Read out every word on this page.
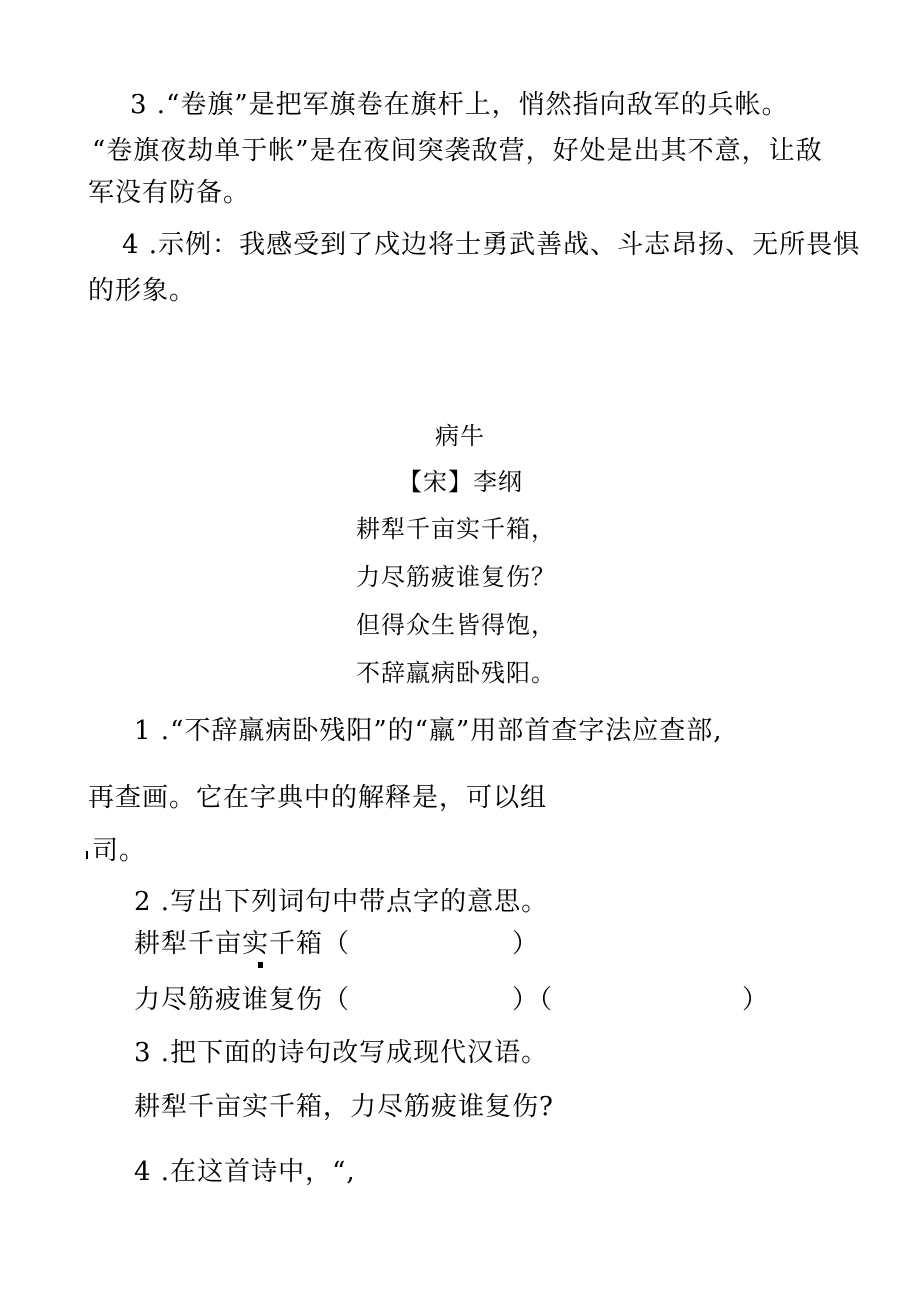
3 .“卷旗”是把军旗卷在旗杆上，悄然指向敌军的兵帐。
“卷旗夜劫单于帐”是在夜间突袭敌营，好处是出其不意，让敌
军没有防备。
4 .示例：我感受到了戍边将士勇武善战、斗志昂扬、无所畏惧
的形象。
病牛
【宋】李纲
耕犁千亩实千箱，
力尽筋疲谁复伤？
但得众生皆得饱，
不辞羸病卧残阳。
1 .“不辞羸病卧残阳”的“羸”用部首查字法应查部,
再查画。它在字典中的解释是，可以组
司。
2 .写出下列词句中带点字的意思。
耕犁千亩实千箱（　　　　　　）
力尽筋疲谁复伤（　　　　　　）（　　　　　　　）
3 .把下面的诗句改写成现代汉语。
耕犁千亩实千箱，力尽筋疲谁复伤?
4 .在这首诗中，“,
